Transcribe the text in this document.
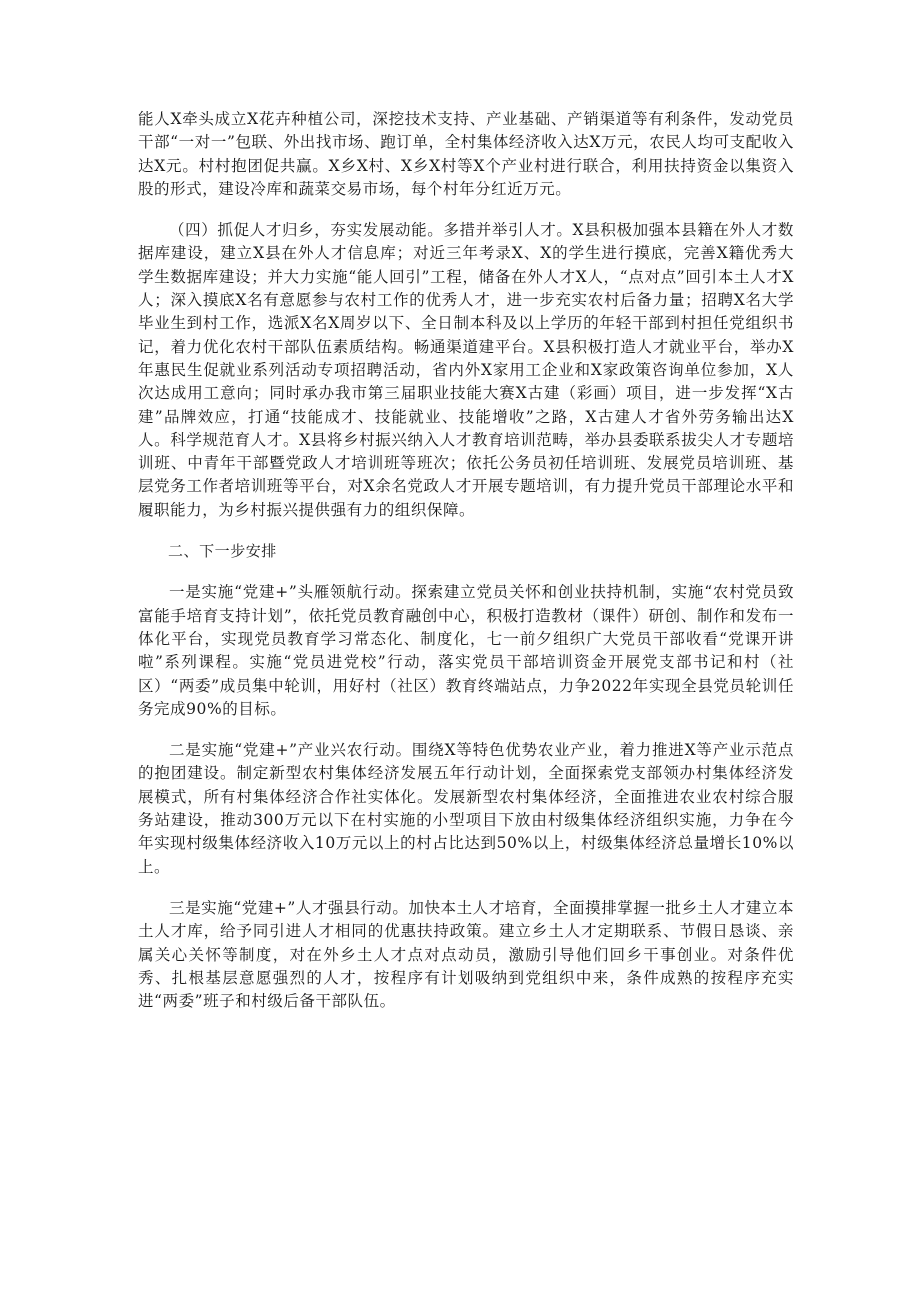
能人X牵头成立X花卉种植公司，深挖技术支持、产业基础、产销渠道等有利条件，发动党员干部“一对一”包联、外出找市场、跑订单，全村集体经济收入达X万元，农民人均可支配收入达X元。村村抱团促共赢。X乡X村、X乡X村等X个产业村进行联合，利用扶持资金以集资入股的形式，建设冷库和蔬菜交易市场，每个村年分红近万元。

（四）抓促人才归乡，夯实发展动能。多措并举引人才。X县积极加强本县籍在外人才数据库建设，建立X县在外人才信息库；对近三年考录X、X的学生进行摸底，完善X籍优秀大学生数据库建设；并大力实施“能人回引”工程，储备在外人才X人，“点对点”回引本土人才X人；深入摸底X名有意愿参与农村工作的优秀人才，进一步充实农村后备力量；招聘X名大学毕业生到村工作，选派X名X周岁以下、全日制本科及以上学历的年轻干部到村担任党组织书记，着力优化农村干部队伍素质结构。畅通渠道建平台。X县积极打造人才就业平台，举办X年惠民生促就业系列活动专项招聘活动，省内外X家用工企业和X家政策咨询单位参加，X人次达成用工意向；同时承办我市第三届职业技能大赛X古建（彩画）项目，进一步发挥“X古建”品牌效应，打通“技能成才、技能就业、技能增收”之路，X古建人才省外劳务输出达X人。科学规范育人才。X县将乡村振兴纳入人才教育培训范畴，举办县委联系拔尖人才专题培训班、中青年干部暨党政人才培训班等班次；依托公务员初任培训班、发展党员培训班、基层党务工作者培训班等平台，对X余名党政人才开展专题培训，有力提升党员干部理论水平和履职能力，为乡村振兴提供强有力的组织保障。

二、下一步安排

一是实施“党建+”头雁领航行动。探索建立党员关怀和创业扶持机制，实施“农村党员致富能手培育支持计划”，依托党员教育融创中心，积极打造教材（课件）研创、制作和发布一体化平台，实现党员教育学习常态化、制度化，七一前夕组织广大党员干部收看“党课开讲啦”系列课程。实施“党员进党校”行动，落实党员干部培训资金开展党支部书记和村（社区）“两委”成员集中轮训，用好村（社区）教育终端站点，力争2022年实现全县党员轮训任务完成90%的目标。

二是实施“党建+”产业兴农行动。围绕X等特色优势农业产业，着力推进X等产业示范点的抱团建设。制定新型农村集体经济发展五年行动计划，全面探索党支部领办村集体经济发展模式，所有村集体经济合作社实体化。发展新型农村集体经济，全面推进农业农村综合服务站建设，推动300万元以下在村实施的小型项目下放由村级集体经济组织实施，力争在今年实现村级集体经济收入10万元以上的村占比达到50%以上，村级集体经济总量增长10%以上。

三是实施“党建+”人才强县行动。加快本土人才培育，全面摸排掌握一批乡土人才建立本土人才库，给予同引进人才相同的优惠扶持政策。建立乡土人才定期联系、节假日恳谈、亲属关心关怀等制度，对在外乡土人才点对点动员，激励引导他们回乡干事创业。对条件优秀、扎根基层意愿强烈的人才，按程序有计划吸纳到党组织中来，条件成熟的按程序充实进“两委”班子和村级后备干部队伍。
